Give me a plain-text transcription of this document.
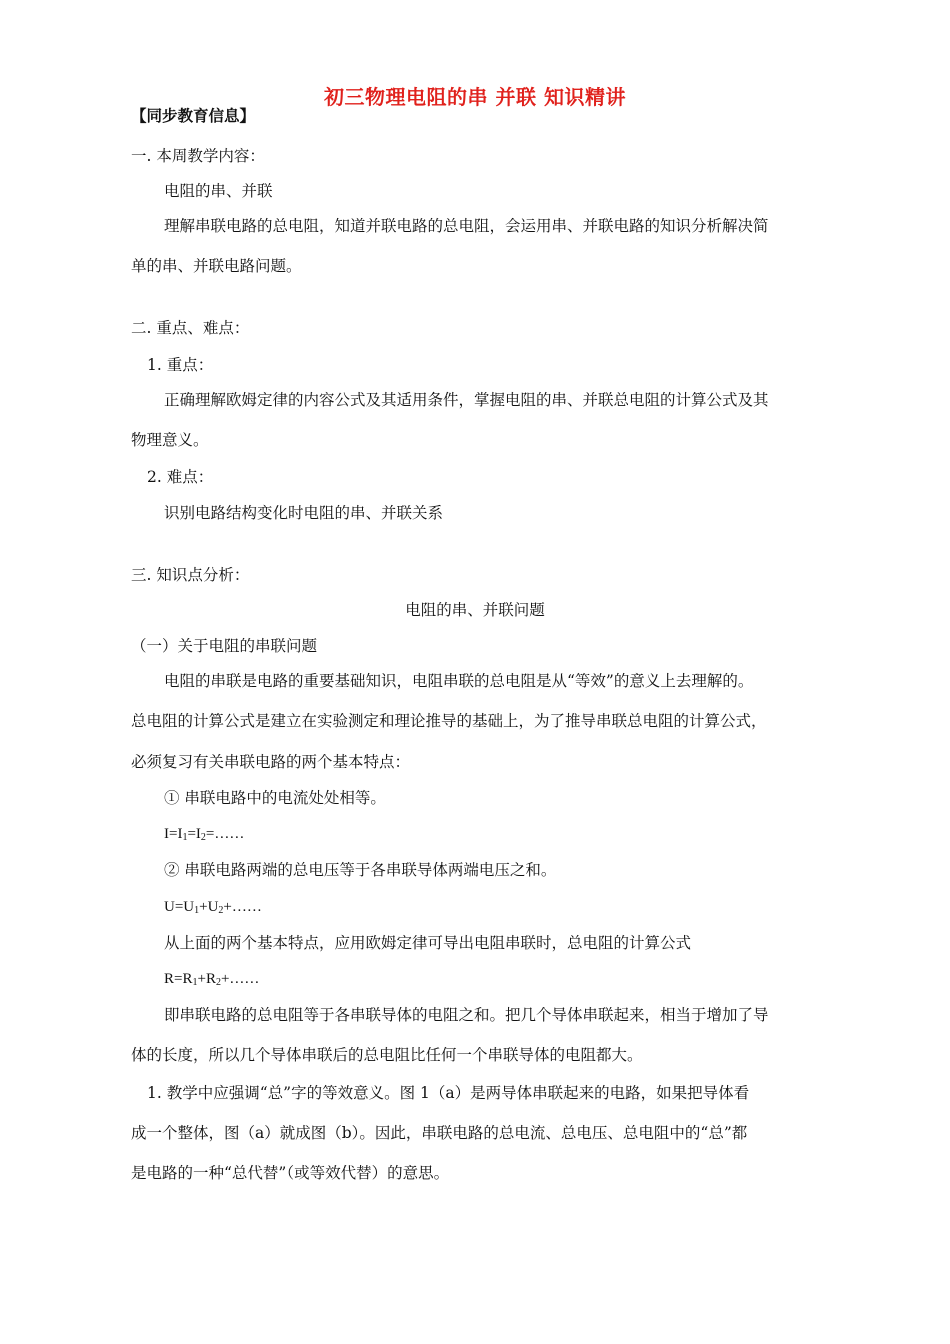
初三物理电阻的串 并联 知识精讲
【同步教育信息】
一. 本周教学内容：
电阻的串、并联
理解串联电路的总电阻，知道并联电路的总电阻，会运用串、并联电路的知识分析解决简
单的串、并联电路问题。
二. 重点、难点：
1. 重点：
正确理解欧姆定律的内容公式及其适用条件，掌握电阻的串、并联总电阻的计算公式及其
物理意义。
2. 难点：
识别电路结构变化时电阻的串、并联关系
三. 知识点分析：
电阻的串、并联问题
（一）关于电阻的串联问题
电阻的串联是电路的重要基础知识，电阻串联的总电阻是从“等效”的意义上去理解的。
总电阻的计算公式是建立在实验测定和理论推导的基础上，为了推导串联总电阻的计算公式，
必须复习有关串联电路的两个基本特点：
① 串联电路中的电流处处相等。
$I=I_1=I_2=\dots\dots$
② 串联电路两端的总电压等于各串联导体两端电压之和。
$U=U_1+U_2+\dots\dots$
从上面的两个基本特点，应用欧姆定律可导出电阻串联时，总电阻的计算公式
$R=R_1+R_2+\dots\dots$
即串联电路的总电阻等于各串联导体的电阻之和。把几个导体串联起来，相当于增加了导
体的长度，所以几个导体串联后的总电阻比任何一个串联导体的电阻都大。
1. 教学中应强调“总”字的等效意义。图 1（a）是两导体串联起来的电路，如果把导体看
成一个整体，图（a）就成图（b）。因此，串联电路的总电流、总电压、总电阻中的“总”都
是电路的一种“总代替”（或等效代替）的意思。
